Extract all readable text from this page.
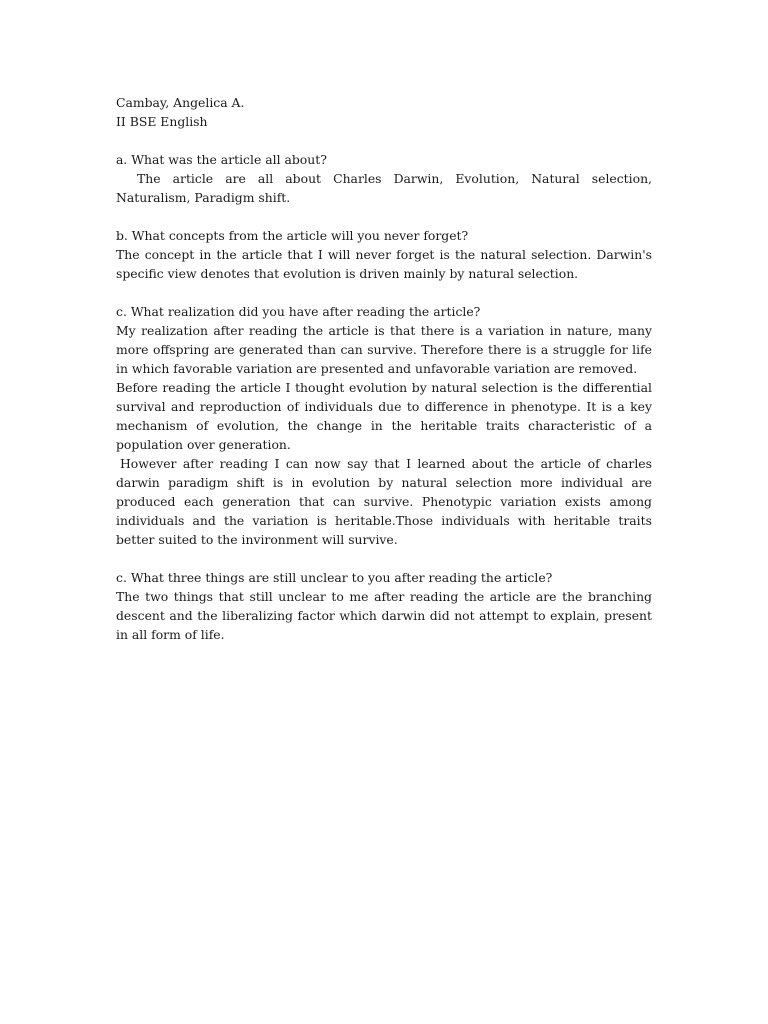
Cambay, Angelica A.
II BSE English
a. What was the article all about?

The article are all about Charles Darwin, Evolution, Natural selection, Naturalism, Paradigm shift.

b. What concepts from the article will you never forget?

The concept in the article that I will never forget is the natural selection. Darwin's specific view denotes that evolution is driven mainly by natural selection.

c. What realization did you have after reading the article?

My realization after reading the article is that there is a variation in nature, many more offspring are generated than can survive. Therefore there is a struggle for life in which favorable variation are presented and unfavorable variation are removed.

Before reading the article I thought evolution by natural selection is the differential survival and reproduction of individuals due to difference in phenotype. It is a key mechanism of evolution, the change in the heritable traits characteristic of a population over generation.

However after reading I can now say that I learned about the article of charles darwin paradigm shift is in evolution by natural selection more individual are produced each generation that can survive. Phenotypic variation exists among individuals and the variation is heritable.Those individuals with heritable traits better suited to the invironment will survive.

c. What three things are still unclear to you after reading the article?

The two things that still unclear to me after reading the article are the branching descent and the liberalizing factor which darwin did not attempt to explain, present in all form of life.
